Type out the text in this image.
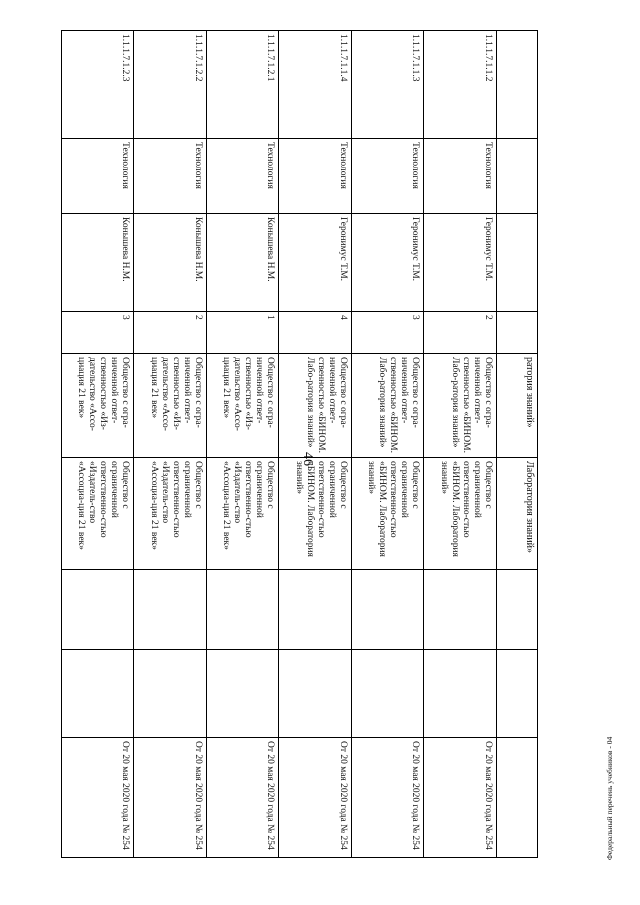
46
ратория знаний»
Лаборатория знаний»
1.1.1.7.1.1.2
Технология
Геронимус Т.М.
2
Общество с огра-ниченной ответ-ственностью «БИНОМ. Лабо-ратория знаний»
Общество с ограниченной ответственно-стью «БИНОМ. Лаборатория знаний»
От 20 мая 2020 года № 254
1.1.1.7.1.1.3
Технология
Геронимус Т.М.
3
Общество с огра-ниченной ответ-ственностью «БИНОМ. Лабо-ратория знаний»
Общество с ограниченной ответственно-стью «БИНОМ. Лаборатория знаний»
От 20 мая 2020 года № 254
1.1.1.7.1.1.4
Технология
Геронимус Т.М.
4
Общество с огра-ниченной ответ-ственностью «БИНОМ. Лабо-ратория знаний»
Общество с ограниченной ответственно-стью «БИНОМ. Лаборатория знаний»
От 20 мая 2020 года № 254
1.1.1.7.1.2.1
Технология
Конышева Н.М.
1
Общество с огра-ниченной ответ-ственностью «Из-дательство «Ассо-циация 21 век»
Общество с ограниченной ответственно-стью «Издатель-ство «Ассоциа-ция 21 век»
От 20 мая 2020 года № 254
1.1.1.7.1.2.2
Технология
Конышева Н.М.
2
Общество с огра-ниченной ответ-ственностью «Из-дательство «Ассо-циация 21 век»
Общество с ограниченной ответственно-стью «Издатель-ство «Ассоциа-ция 21 век»
От 20 мая 2020 года № 254
1.1.1.7.1.2.3
Технология
Конышева Н.М.
3
Общество с огра-ниченной ответ-ственностью «Из-дательство «Ассо-циация 21 век»
Общество с ограниченной ответственно-стью «Издатель-ство «Ассоциа-ция 21 век»
От 20 мая 2020 года № 254	Федеральный перечень учебников - 04
